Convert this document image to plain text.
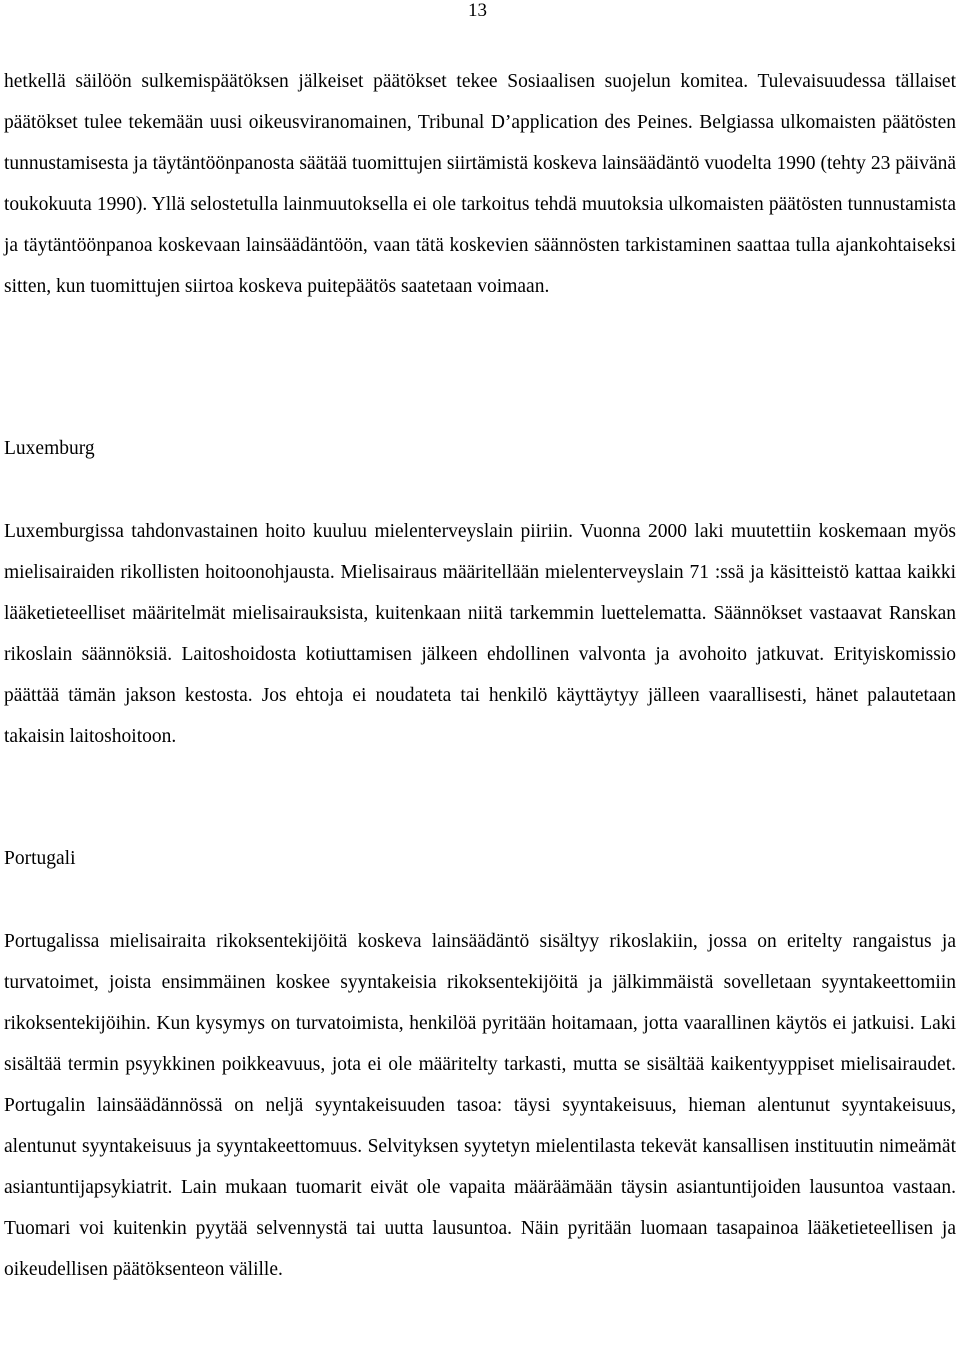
13

hetkellä säilöön sulkemispäätöksen jälkeiset päätökset tekee Sosiaalisen suojelun komitea. Tulevaisuudessa tällaiset päätökset tulee tekemään uusi oikeusviranomainen, Tribunal D’application des Peines. Belgiassa ulkomaisten päätösten tunnustamisesta ja täytäntöönpanosta säätää tuomittujen siirtämistä koskeva lainsäädäntö vuodelta 1990 (tehty 23 päivänä toukokuuta 1990). Yllä selostetulla lainmuutoksella ei ole tarkoitus tehdä muutoksia ulkomaisten päätösten tunnustamista ja täytäntöönpanoa koskevaan lainsäädäntöön, vaan tätä koskevien säännösten tarkistaminen saattaa tulla ajankohtaiseksi sitten, kun tuomittujen siirtoa koskeva puitepäätös saatetaan voimaan.

Luxemburg

Luxemburgissa tahdonvastainen hoito kuuluu mielenterveyslain piiriin. Vuonna 2000 laki muutettiin koskemaan myös mielisairaiden rikollisten hoitoonohjausta. Mielisairaus määritellään mielenterveyslain 71 :ssä ja käsitteistö kattaa kaikki lääketieteelliset määritelmät mielisairauksista, kuitenkaan niitä tarkemmin luettelematta. Säännökset vastaavat Ranskan rikoslain säännöksiä. Laitoshoidosta kotiuttamisen jälkeen ehdollinen valvonta ja avohoito jatkuvat. Erityiskomissio päättää tämän jakson kestosta. Jos ehtoja ei noudateta tai henkilö käyttäytyy jälleen vaarallisesti, hänet palautetaan takaisin laitoshoitoon.

Portugali

Portugalissa mielisairaita rikoksentekijöitä koskeva lainsäädäntö sisältyy rikoslakiin, jossa on eritelty rangaistus ja turvatoimet, joista ensimmäinen koskee syyntakeisia rikoksentekijöitä ja jälkimmäistä sovelletaan syyntakeettomiin rikoksentekijöihin. Kun kysymys on turvatoimista, henkilöä pyritään hoitamaan, jotta vaarallinen käytös ei jatkuisi. Laki sisältää termin psyykkinen poikkeavuus, jota ei ole määritelty tarkasti, mutta se sisältää kaikentyyppiset mielisairaudet. Portugalin lainsäädännössä on neljä syyntakeisuuden tasoa: täysi syyntakeisuus, hieman alentunut syyntakeisuus, alentunut syyntakeisuus ja syyntakeettomuus. Selvityksen syytetyn mielentilasta tekevät kansallisen instituutin nimeämät asiantuntijapsykiatrit. Lain mukaan tuomarit eivät ole vapaita määräämään täysin asiantuntijoiden lausuntoa vastaan. Tuomari voi kuitenkin pyytää selvennystä tai uutta lausuntoa. Näin pyritään luomaan tasapainoa lääketieteellisen ja oikeudellisen päätöksenteon välille.
